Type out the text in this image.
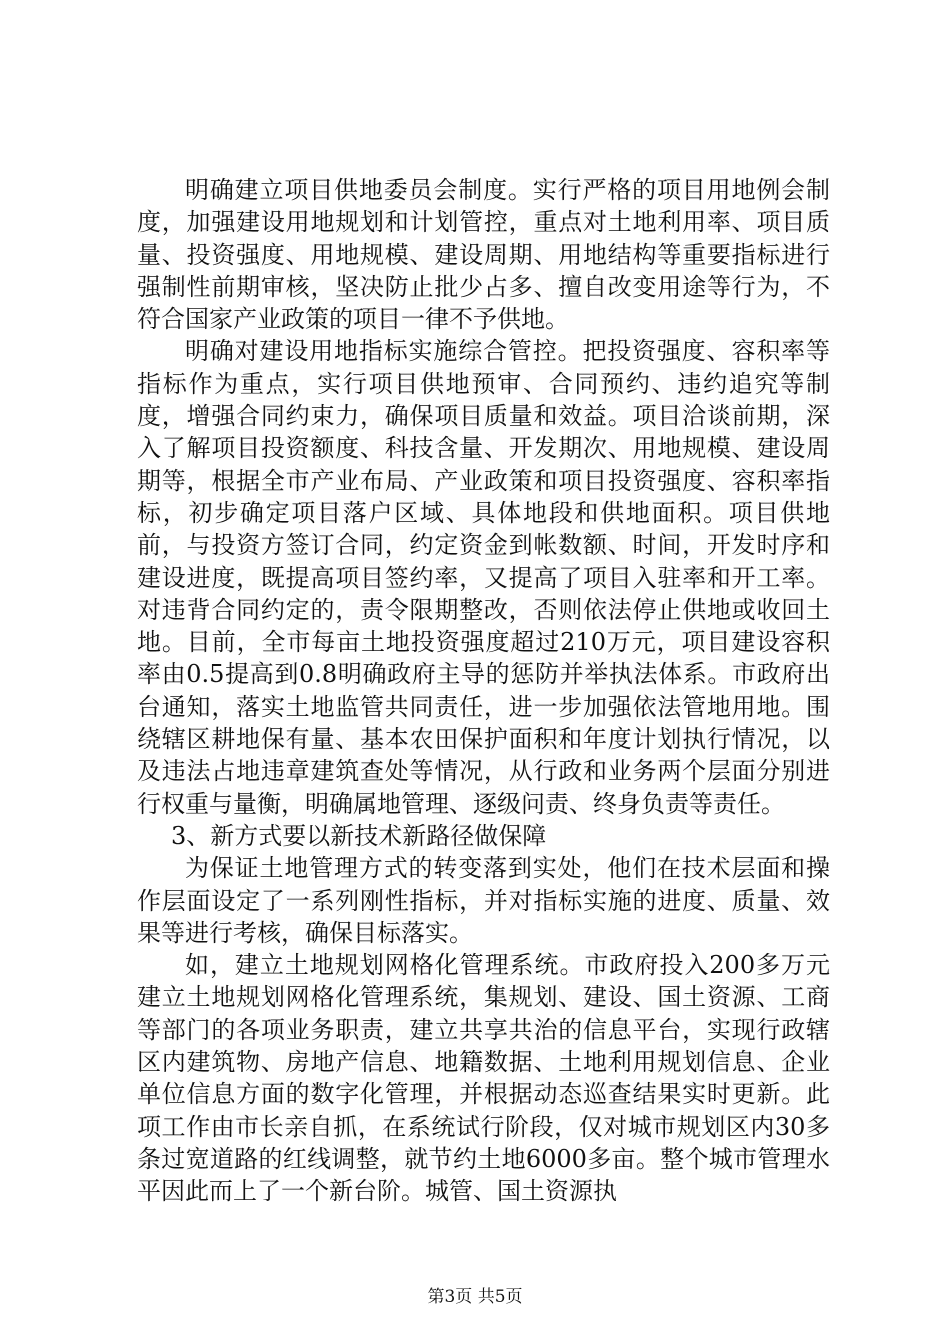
明确建立项目供地委员会制度。实行严格的项目用地例会制度，加强建设用地规划和计划管控，重点对土地利用率、项目质量、投资强度、用地规模、建设周期、用地结构等重要指标进行强制性前期审核，坚决防止批少占多、擅自改变用途等行为，不符合国家产业政策的项目一律不予供地。

明确对建设用地指标实施综合管控。把投资强度、容积率等指标作为重点，实行项目供地预审、合同预约、违约追究等制度，增强合同约束力，确保项目质量和效益。项目洽谈前期，深入了解项目投资额度、科技含量、开发期次、用地规模、建设周期等，根据全市产业布局、产业政策和项目投资强度、容积率指标，初步确定项目落户区域、具体地段和供地面积。项目供地前，与投资方签订合同，约定资金到帐数额、时间，开发时序和建设进度，既提高项目签约率，又提高了项目入驻率和开工率。对违背合同约定的，责令限期整改，否则依法停止供地或收回土地。目前，全市每亩土地投资强度超过210万元，项目建设容积率由0.5提高到0.8明确政府主导的惩防并举执法体系。市政府出台通知，落实土地监管共同责任，进一步加强依法管地用地。围绕辖区耕地保有量、基本农田保护面积和年度计划执行情况，以及违法占地违章建筑查处等情况，从行政和业务两个层面分别进行权重与量衡，明确属地管理、逐级问责、终身负责等责任。

3、新方式要以新技术新路径做保障

为保证土地管理方式的转变落到实处，他们在技术层面和操作层面设定了一系列刚性指标，并对指标实施的进度、质量、效果等进行考核，确保目标落实。

如，建立土地规划网格化管理系统。市政府投入200多万元建立土地规划网格化管理系统，集规划、建设、国土资源、工商等部门的各项业务职责，建立共享共治的信息平台，实现行政辖区内建筑物、房地产信息、地籍数据、土地利用规划信息、企业单位信息方面的数字化管理，并根据动态巡查结果实时更新。此项工作由市长亲自抓，在系统试行阶段，仅对城市规划区内30多条过宽道路的红线调整，就节约土地6000多亩。整个城市管理水平因此而上了一个新台阶。城管、国土资源执

第3页 共5页
